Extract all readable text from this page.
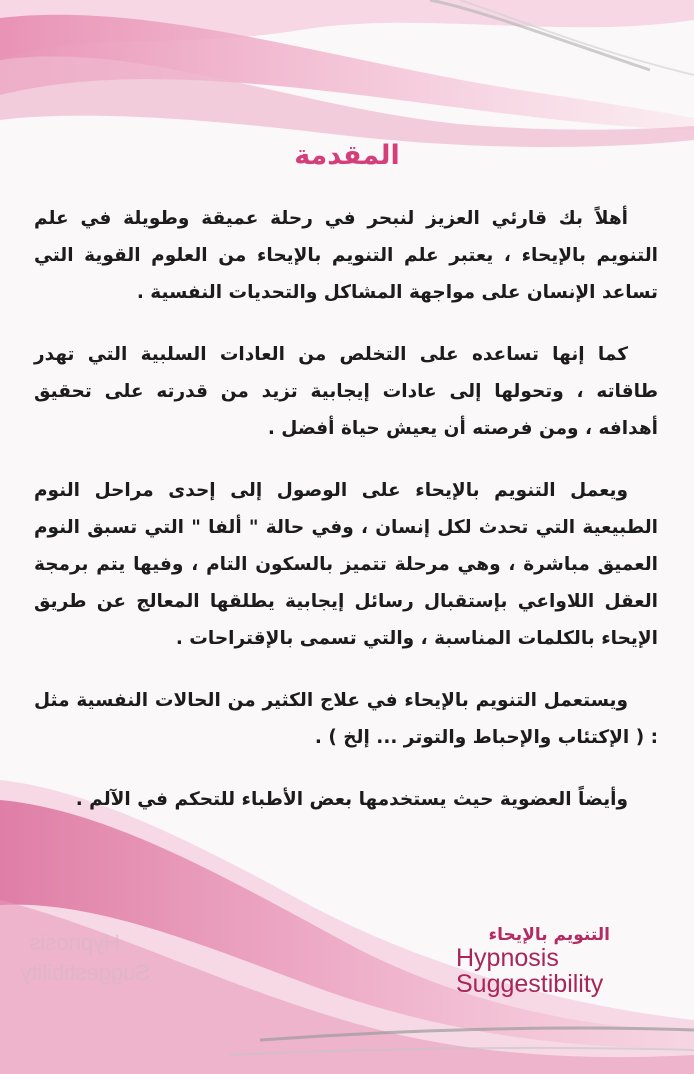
Hypnosis
Suggestibility
المقدمة

أهلاً بك قارئي العزيز لنبحر في رحلة عميقة وطويلة في علم التنويم بالإيحاء ، يعتبر علم التنويم بالإيحاء من العلوم القوية التي تساعد الإنسان على مواجهة المشاكل والتحديات النفسية .

كما إنها تساعده على التخلص من العادات السلبية التي تهدر طاقاته ، وتحولها إلى عادات إيجابية تزيد من قدرته على تحقيق أهدافه ، ومن فرصته أن يعيش حياة أفضل .

ويعمل التنويم بالإيحاء على الوصول إلى إحدى مراحل النوم الطبيعية التي تحدث لكل إنسان ، وفي حالة " ألفا " التي تسبق النوم العميق مباشرة ، وهي مرحلة تتميز بالسكون التام ، وفيها يتم برمجة العقل اللاواعي بإستقبال رسائل إيجابية يطلقها المعالج عن طريق الإيحاء بالكلمات المناسبة ، والتي تسمى بالإقتراحات .

ويستعمل التنويم بالإيحاء في علاج الكثير من الحالات النفسية مثل : ( الإكتئاب والإحباط والتوتر ... إلخ ) .

وأيضاً العضوية حيث يستخدمها بعض الأطباء للتحكم في الآلم .

التنويم بالإيحاء
Hypnosis
Suggestibility
